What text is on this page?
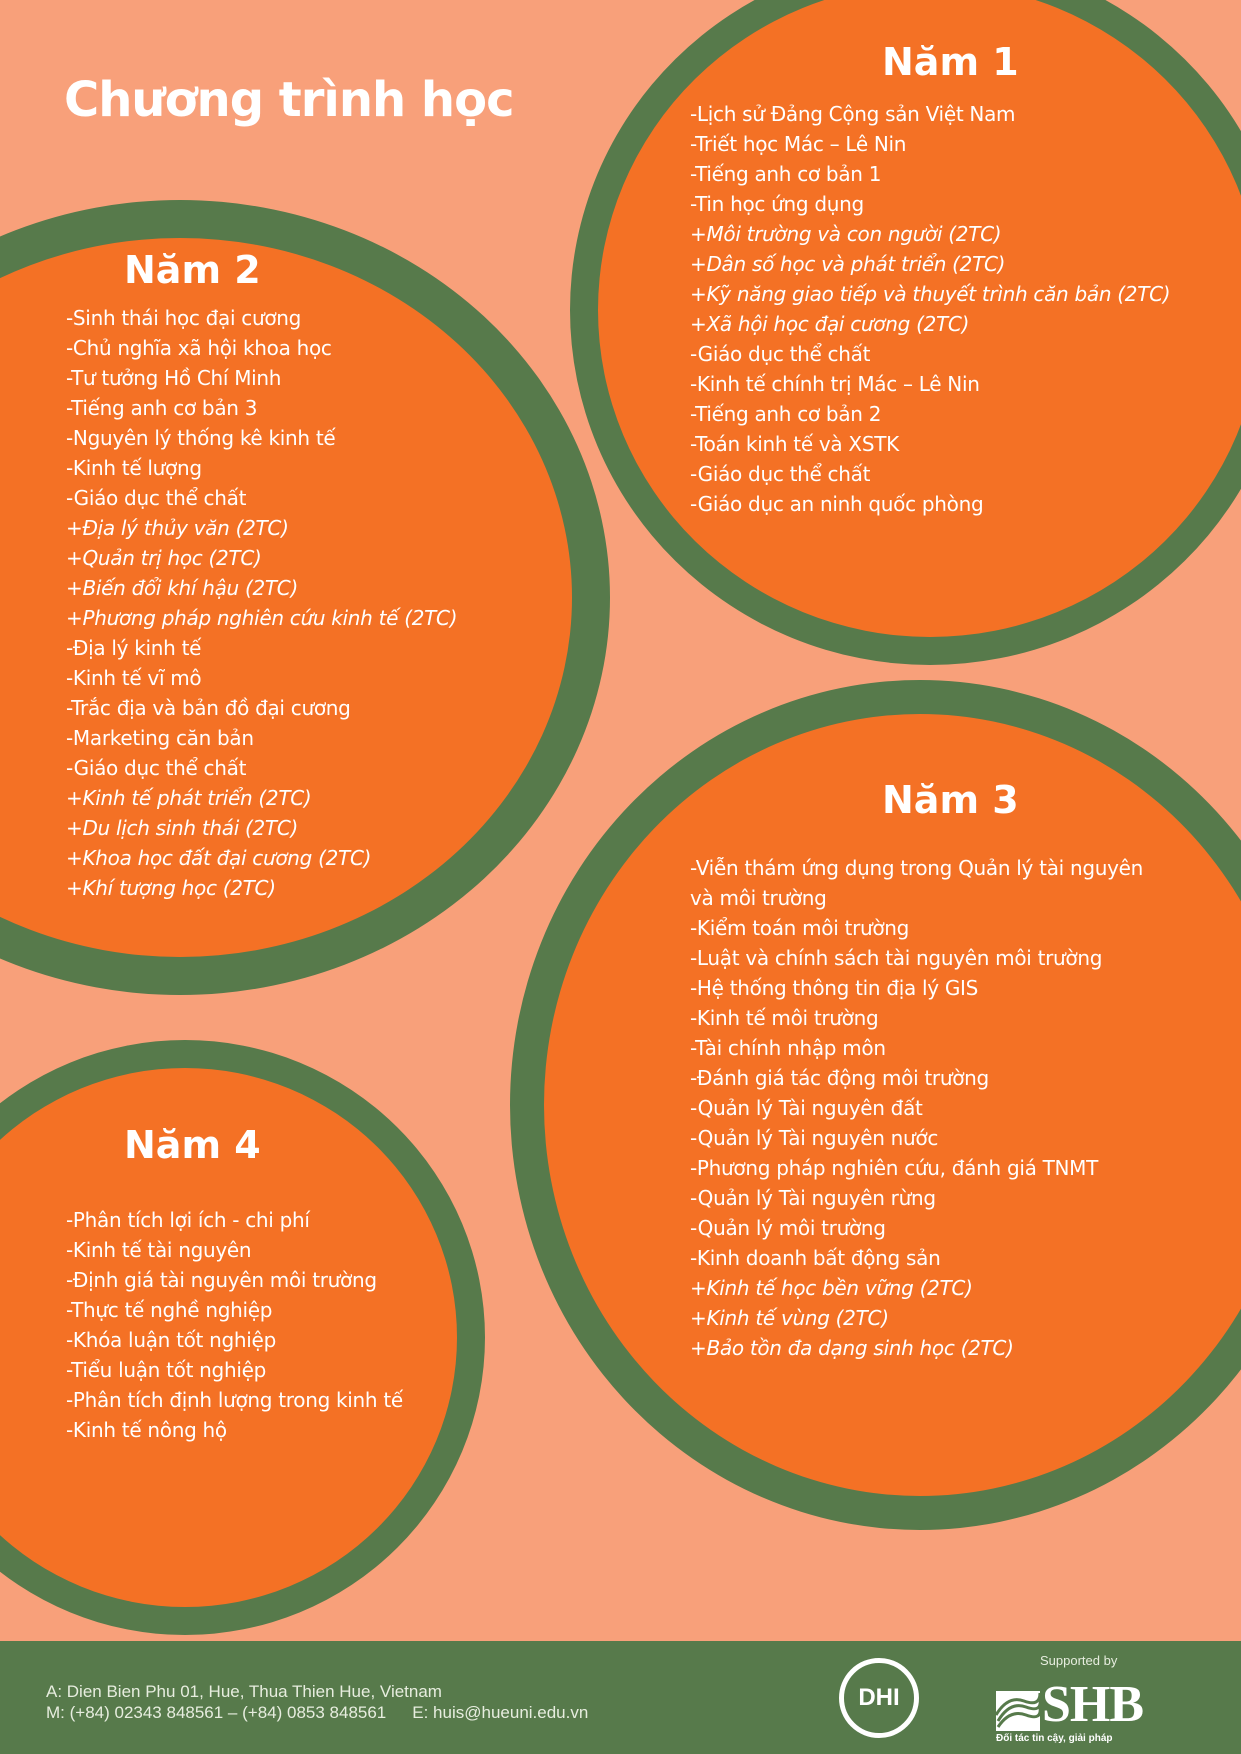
Chương trình học
Năm 1
-Lịch sử Đảng Cộng sản Việt Nam
-Triết học Mác – Lê Nin
-Tiếng anh cơ bản 1
-Tin học ứng dụng
+Môi trường và con người (2TC)
+Dân số học và phát triển (2TC)
+Kỹ năng giao tiếp và thuyết trình căn bản (2TC)
+Xã hội học đại cương (2TC)
-Giáo dục thể chất
-Kinh tế chính trị Mác – Lê Nin
-Tiếng anh cơ bản 2
-Toán kinh tế và XSTK
-Giáo dục thể chất
-Giáo dục an ninh quốc phòng
Năm 2
-Sinh thái học đại cương
-Chủ nghĩa xã hội khoa học
-Tư tưởng Hồ Chí Minh
-Tiếng anh cơ bản 3
-Nguyên lý thống kê kinh tế
-Kinh tế lượng
-Giáo dục thể chất
+Địa lý thủy văn (2TC)
+Quản trị học (2TC)
+Biến đổi khí hậu (2TC)
+Phương pháp nghiên cứu kinh tế (2TC)
-Địa lý kinh tế
-Kinh tế vĩ mô
-Trắc địa và bản đồ đại cương
-Marketing căn bản
-Giáo dục thể chất
+Kinh tế phát triển (2TC)
+Du lịch sinh thái (2TC)
+Khoa học đất đại cương (2TC)
+Khí tượng học (2TC)
Năm 3
-Viễn thám ứng dụng trong Quản lý tài nguyên và môi trường
-Kiểm toán môi trường
-Luật và chính sách tài nguyên môi trường
-Hệ thống thông tin địa lý GIS
-Kinh tế môi trường
-Tài chính nhập môn
-Đánh giá tác động môi trường
-Quản lý Tài nguyên đất
-Quản lý Tài nguyên nước
-Phương pháp nghiên cứu, đánh giá TNMT
-Quản lý Tài nguyên rừng
-Quản lý môi trường
-Kinh doanh bất động sản
+Kinh tế học bền vững (2TC)
+Kinh tế vùng (2TC)
+Bảo tồn đa dạng sinh học (2TC)
Năm 4
-Phân tích lợi ích - chi phí
-Kinh tế tài nguyên
-Định giá tài nguyên môi trường
-Thực tế nghề nghiệp
-Khóa luận tốt nghiệp
-Tiểu luận tốt nghiệp
-Phân tích định lượng trong kinh tế
-Kinh tế nông hộ
A: Dien Bien Phu 01, Hue, Thua Thien Hue, Vietnam
M: (+84) 02343 848561 – (+84) 0853 848561 E: huis@hueuni.edu.vn
DHI
Supported by
SHB
Đối tác tin cậy, giải pháp
